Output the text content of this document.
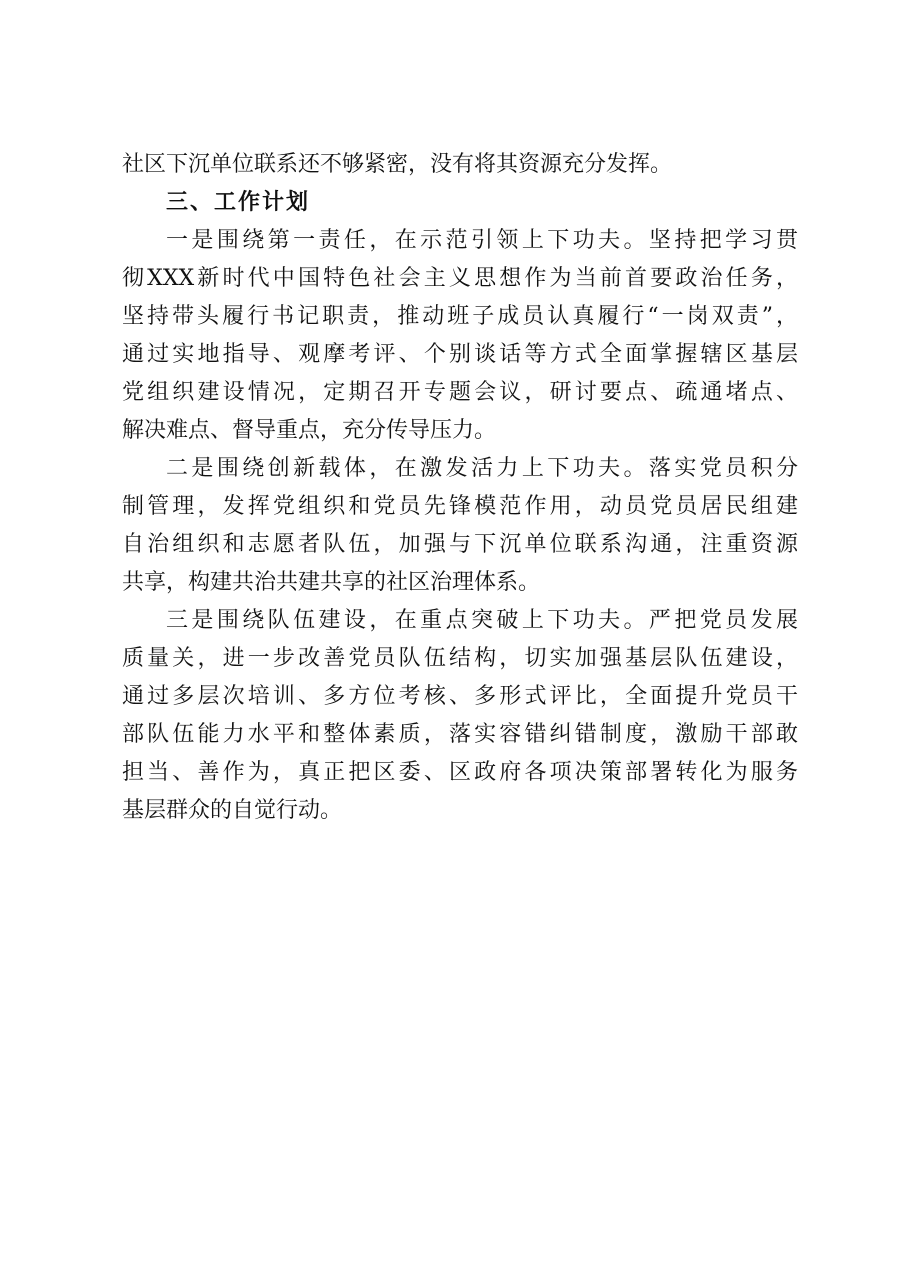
社区下沉单位联系还不够紧密，没有将其资源充分发挥。
三、工作计划
一是围绕第一责任，在示范引领上下功夫。坚持把学习贯
彻XXX新时代中国特色社会主义思想作为当前首要政治任务，
坚持带头履行书记职责，推动班子成员认真履行“一岗双责”，
通过实地指导、观摩考评、个别谈话等方式全面掌握辖区基层
党组织建设情况，定期召开专题会议，研讨要点、疏通堵点、
解决难点、督导重点，充分传导压力。
二是围绕创新载体，在激发活力上下功夫。落实党员积分
制管理，发挥党组织和党员先锋模范作用，动员党员居民组建
自治组织和志愿者队伍，加强与下沉单位联系沟通，注重资源
共享，构建共治共建共享的社区治理体系。
三是围绕队伍建设，在重点突破上下功夫。严把党员发展
质量关，进一步改善党员队伍结构，切实加强基层队伍建设，
通过多层次培训、多方位考核、多形式评比，全面提升党员干
部队伍能力水平和整体素质，落实容错纠错制度，激励干部敢
担当、善作为，真正把区委、区政府各项决策部署转化为服务
基层群众的自觉行动。
